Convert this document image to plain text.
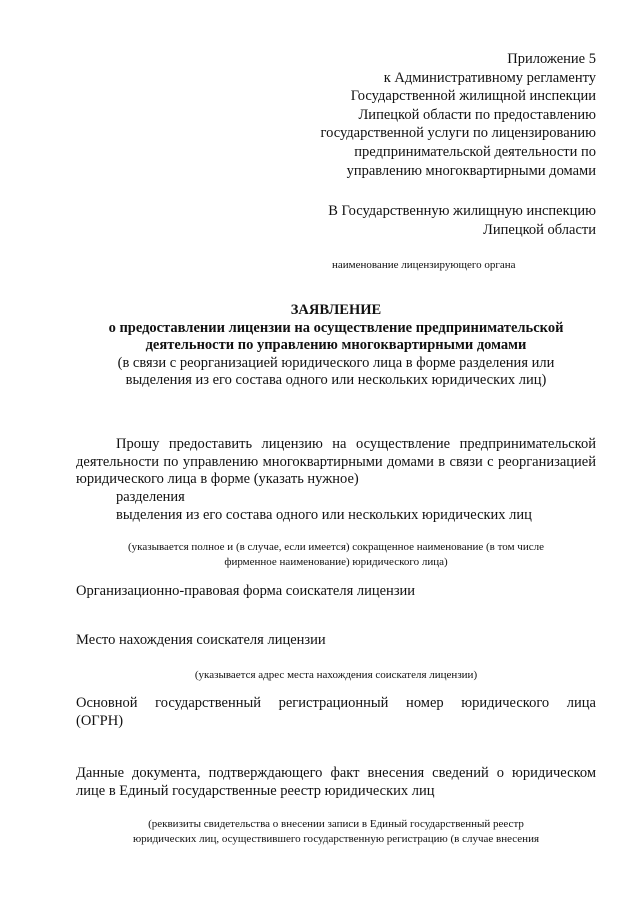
Приложение 5
к Административному регламенту
Государственной жилищной инспекции
Липецкой области по предоставлению
государственной услуги по лицензированию
предпринимательской деятельности по
управлению многоквартирными домами
В Государственную жилищную инспекцию
Липецкой области
наименование лицензирующего органа
ЗАЯВЛЕНИЕ
о предоставлении лицензии на осуществление предпринимательской
деятельности по управлению многоквартирными домами
(в связи с реорганизацией юридического лица в форме разделения или
выделения из его состава одного или нескольких юридических лиц)
Прошу предоставить лицензию на осуществление предпринимательской деятельности по управлению многоквартирными домами в связи с реорганизацией юридического лица в форме (указать нужное)
разделения
выделения из его состава одного или нескольких юридических лиц
(указывается полное и (в случае, если имеется) сокращенное наименование (в том числе
фирменное наименование) юридического лица)
Организационно-правовая форма соискателя лицензии
Место нахождения соискателя лицензии
(указывается адрес места нахождения соискателя лицензии)
Основной государственный регистрационный номер юридического лица
(ОГРН)
Данные документа, подтверждающего факт внесения сведений о юридическом
лице в Единый государственные реестр юридических лиц
(реквизиты свидетельства о внесении записи в Единый государственный реестр
юридических лиц, осуществившего государственную регистрацию (в случае внесения
